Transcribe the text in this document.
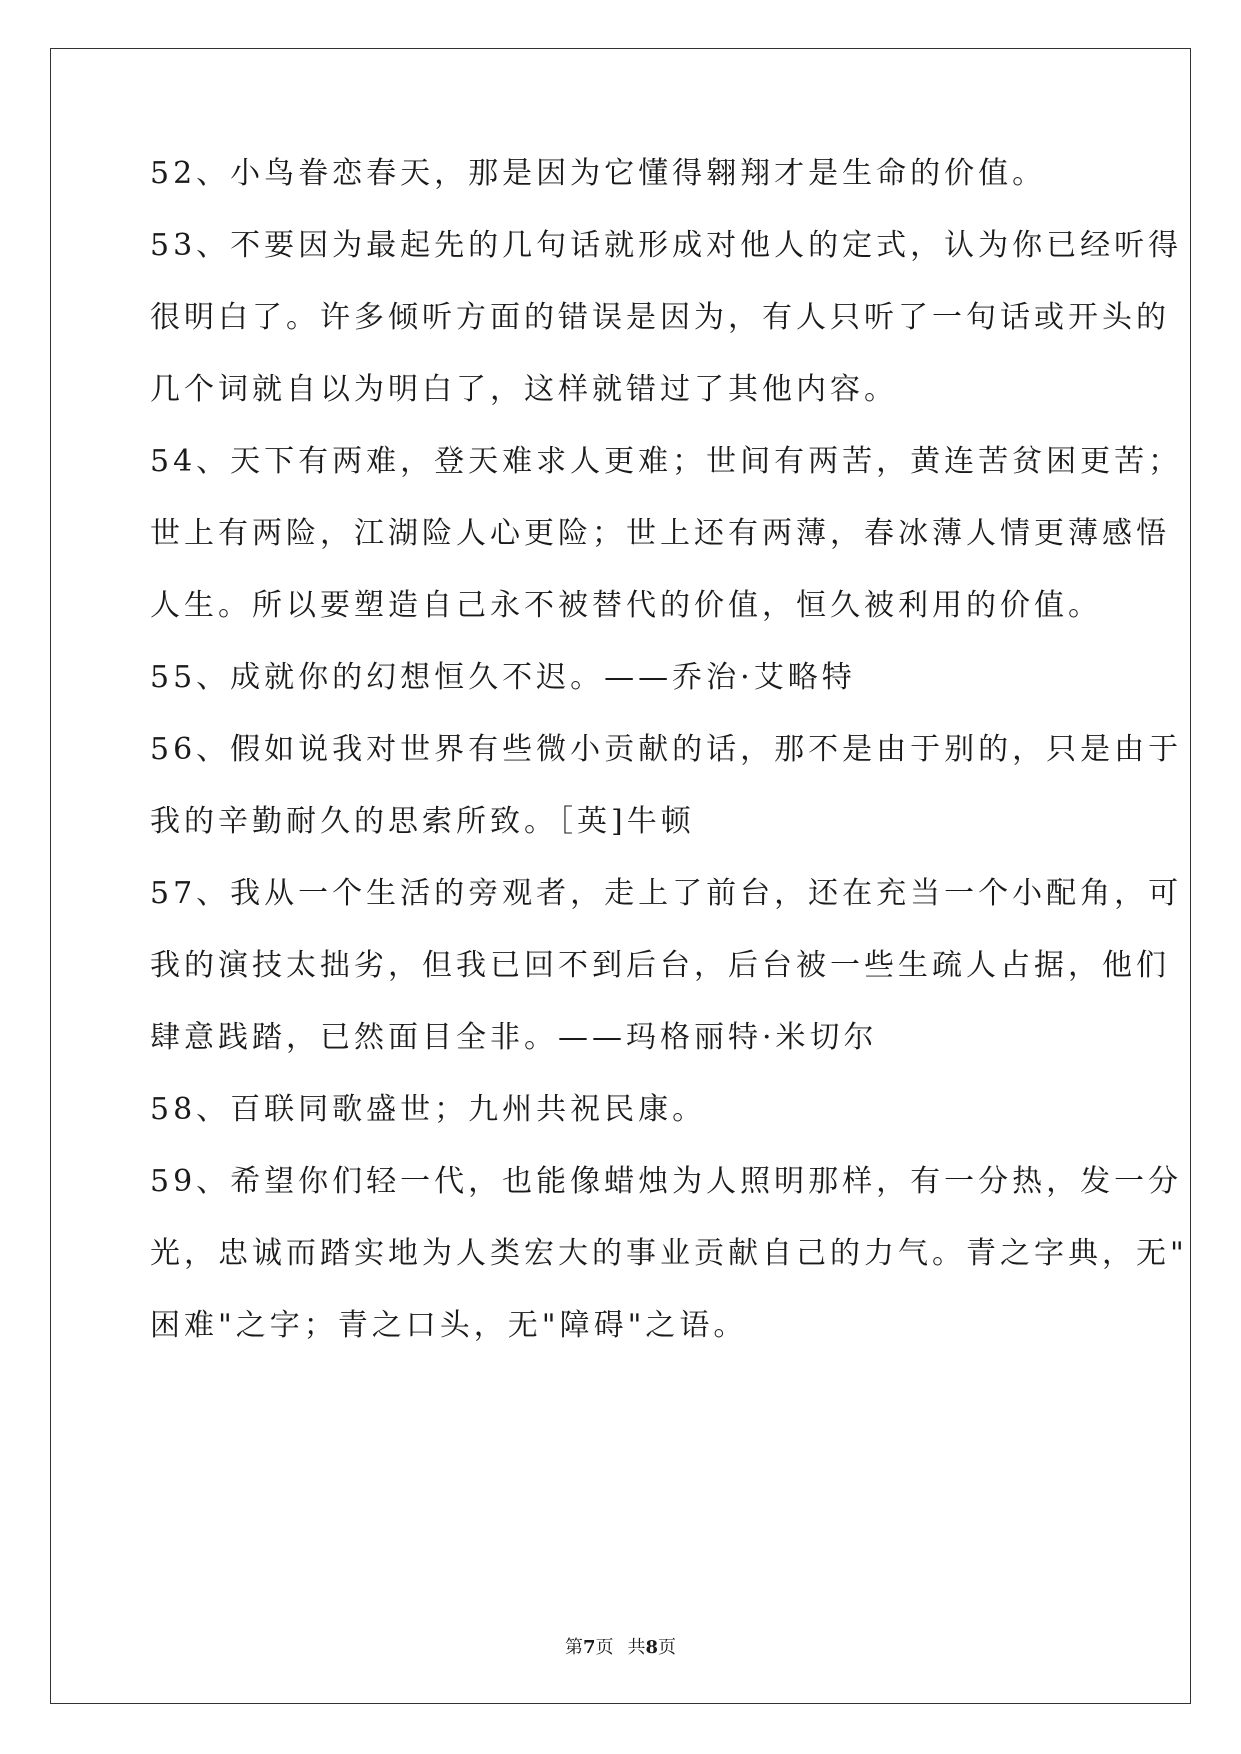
52、小鸟眷恋春天，那是因为它懂得翱翔才是生命的价值。
53、不要因为最起先的几句话就形成对他人的定式，认为你已经听得
很明白了。许多倾听方面的错误是因为，有人只听了一句话或开头的
几个词就自以为明白了，这样就错过了其他内容。
54、天下有两难，登天难求人更难；世间有两苦，黄连苦贫困更苦；
世上有两险，江湖险人心更险；世上还有两薄，春冰薄人情更薄感悟
人生。所以要塑造自己永不被替代的价值，恒久被利用的价值。
55、成就你的幻想恒久不迟。——乔治·艾略特
56、假如说我对世界有些微小贡献的话，那不是由于别的，只是由于
我的辛勤耐久的思索所致。［英]牛顿
57、我从一个生活的旁观者，走上了前台，还在充当一个小配角，可
我的演技太拙劣，但我已回不到后台，后台被一些生疏人占据，他们
肆意践踏，已然面目全非。——玛格丽特·米切尔
58、百联同歌盛世；九州共祝民康。
59、希望你们轻一代，也能像蜡烛为人照明那样，有一分热，发一分
光，忠诚而踏实地为人类宏大的事业贡献自己的力气。青之字典，无"
困难"之字；青之口头，无"障碍"之语。
第7页 共8页
